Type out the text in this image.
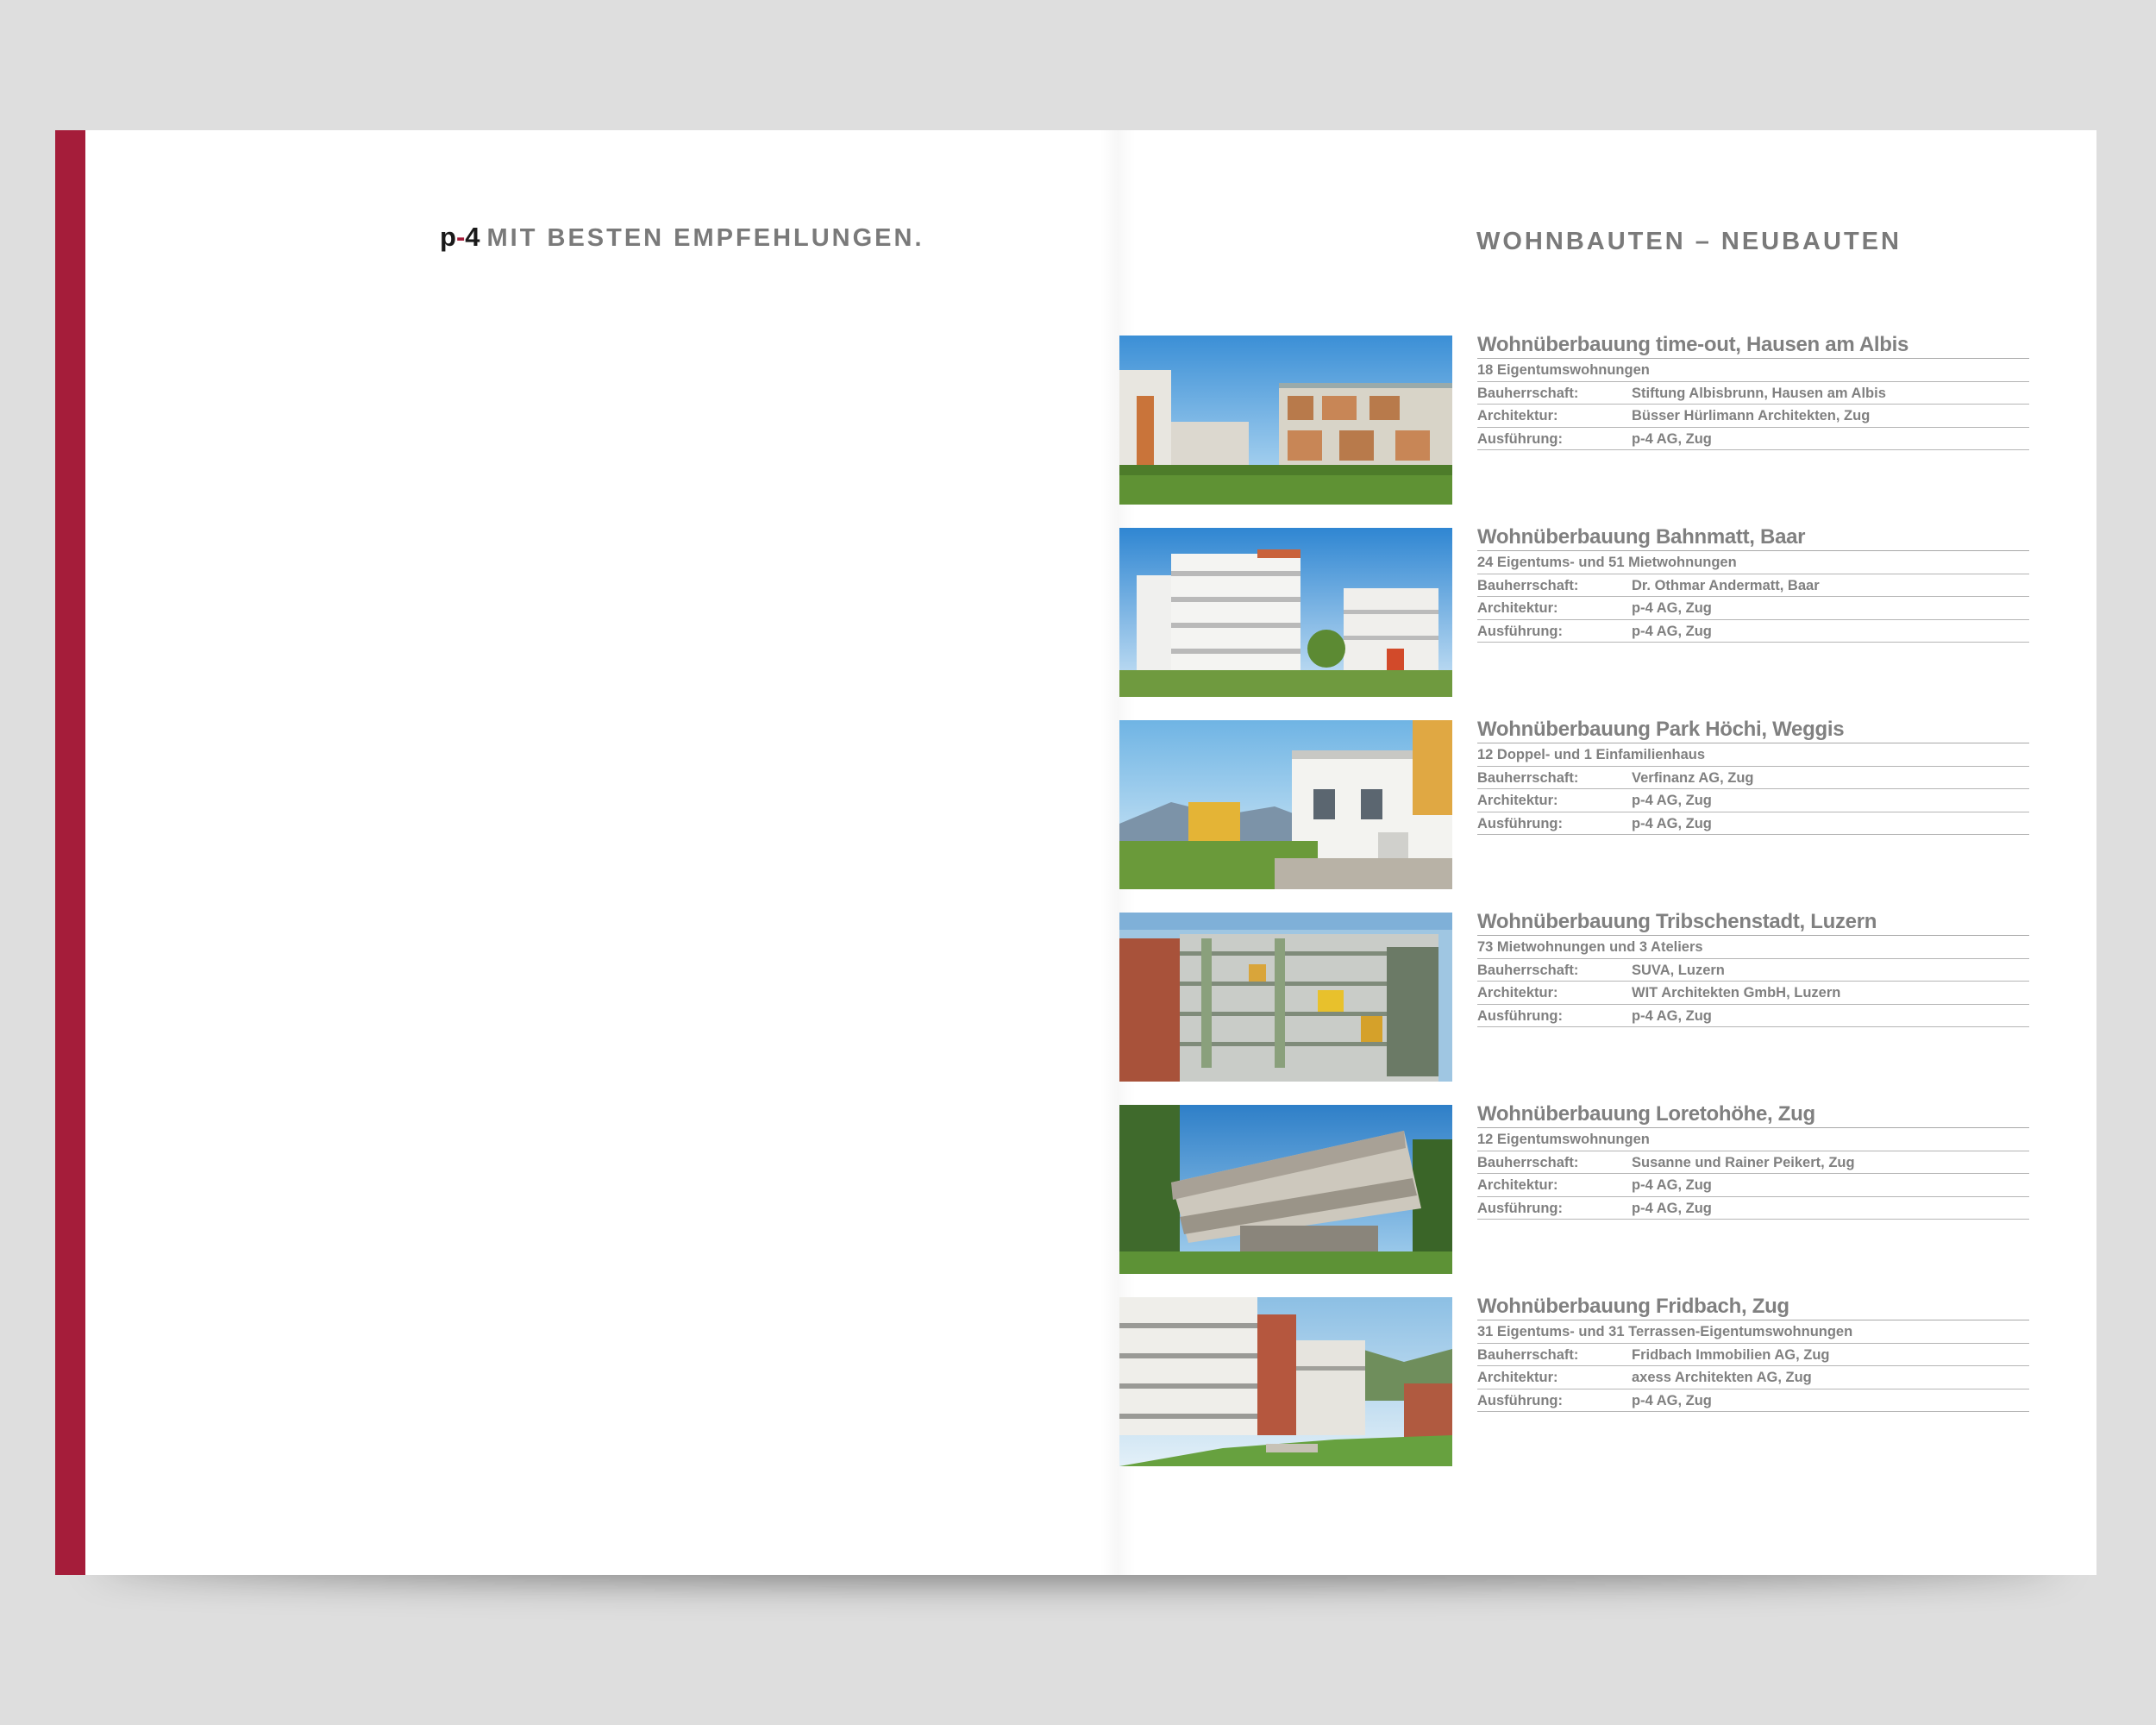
p-4 MIT BESTEN EMPFEHLUNGEN.	WOHNBAUTEN – NEUBAUTEN
Wohnüberbauung time-out, Hausen am Albis
18 Eigentumswohnungen
Bauherrschaft:	Stiftung Albisbrunn, Hausen am Albis
Architektur:	Büsser Hürlimann Architekten, Zug
Ausführung:	p-4 AG, Zug
Wohnüberbauung Bahnmatt, Baar
24 Eigentums- und 51 Mietwohnungen
Bauherrschaft:	Dr. Othmar Andermatt, Baar
Architektur:	p-4 AG, Zug
Ausführung:	p-4 AG, Zug
Wohnüberbauung Park Höchi, Weggis
12 Doppel- und 1 Einfamilienhaus
Bauherrschaft:	Verfinanz AG, Zug
Architektur:	p-4 AG, Zug
Ausführung:	p-4 AG, Zug
Wohnüberbauung Tribschenstadt, Luzern
73 Mietwohnungen und 3 Ateliers
Bauherrschaft:	SUVA, Luzern
Architektur:	WIT Architekten GmbH, Luzern
Ausführung:	p-4 AG, Zug
Wohnüberbauung Loretohöhe, Zug
12 Eigentumswohnungen
Bauherrschaft:	Susanne und Rainer Peikert, Zug
Architektur:	p-4 AG, Zug
Ausführung:	p-4 AG, Zug
Wohnüberbauung Fridbach, Zug
31 Eigentums- und 31 Terrassen-Eigentumswohnungen
Bauherrschaft:	Fridbach Immobilien AG, Zug
Architektur:	axess Architekten AG, Zug
Ausführung:	p-4 AG, Zug
